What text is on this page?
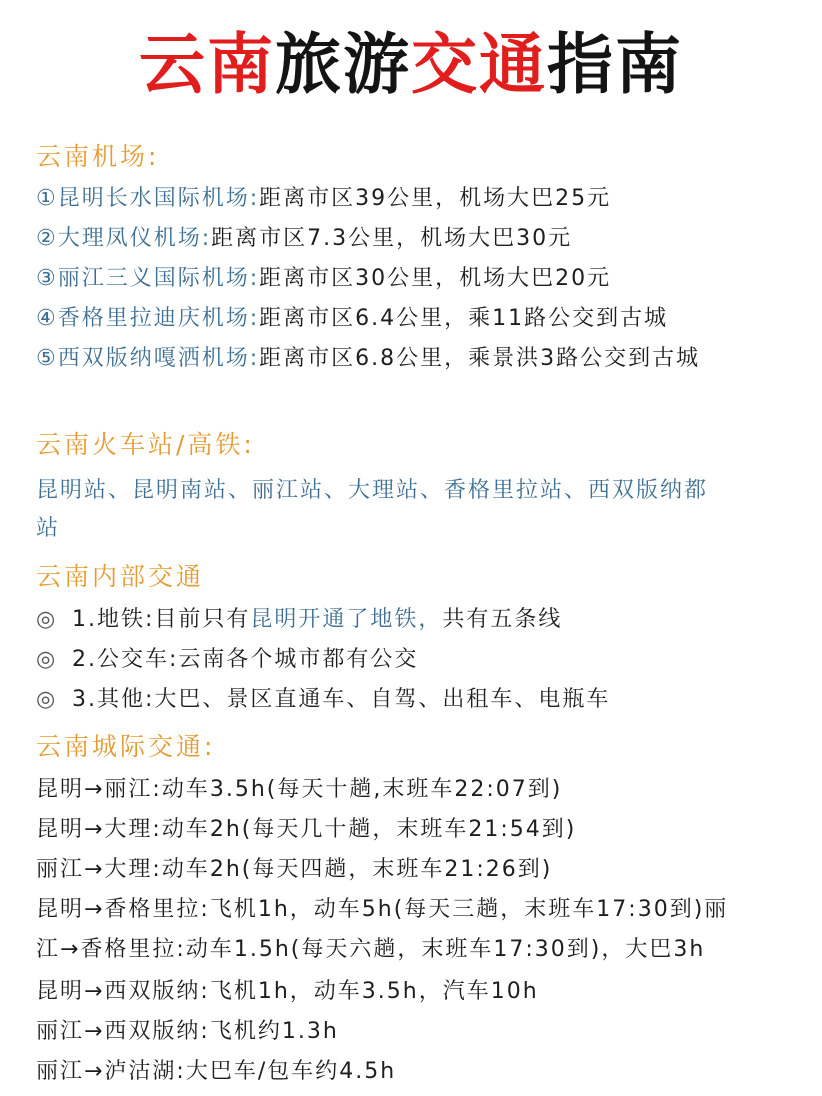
云南旅游交通指南
云南机场:
①昆明长水国际机场:距离市区39公里，机场大巴25元
②大理凤仪机场:距离市区7.3公里，机场大巴30元
③丽江三义国际机场:距离市区30公里，机场大巴20元
④香格里拉迪庆机场:距离市区6.4公里，乘11路公交到古城
⑤西双版纳嘎洒机场:距离市区6.8公里，乘景洪3路公交到古城
云南火车站/高铁:
昆明站、昆明南站、丽江站、大理站、香格里拉站、西双版纳都
站
云南内部交通
◎ 1.地铁:目前只有昆明开通了地铁，共有五条线
◎ 2.公交车:云南各个城市都有公交
◎ 3.其他:大巴、景区直通车、自驾、出租车、电瓶车
云南城际交通:
昆明→丽江:动车3.5h(每天十趟,末班车22:07到)
昆明→大理:动车2h(每天几十趟，末班车21:54到)
丽江→大理:动车2h(每天四趟，末班车21:26到)
昆明→香格里拉:飞机1h，动车5h(每天三趟，末班车17:30到)丽
江→香格里拉:动车1.5h(每天六趟，末班车17:30到)，大巴3h
昆明→西双版纳:飞机1h，动车3.5h，汽车10h
丽江→西双版纳:飞机约1.3h
丽江→泸沽湖:大巴车/包车约4.5h
